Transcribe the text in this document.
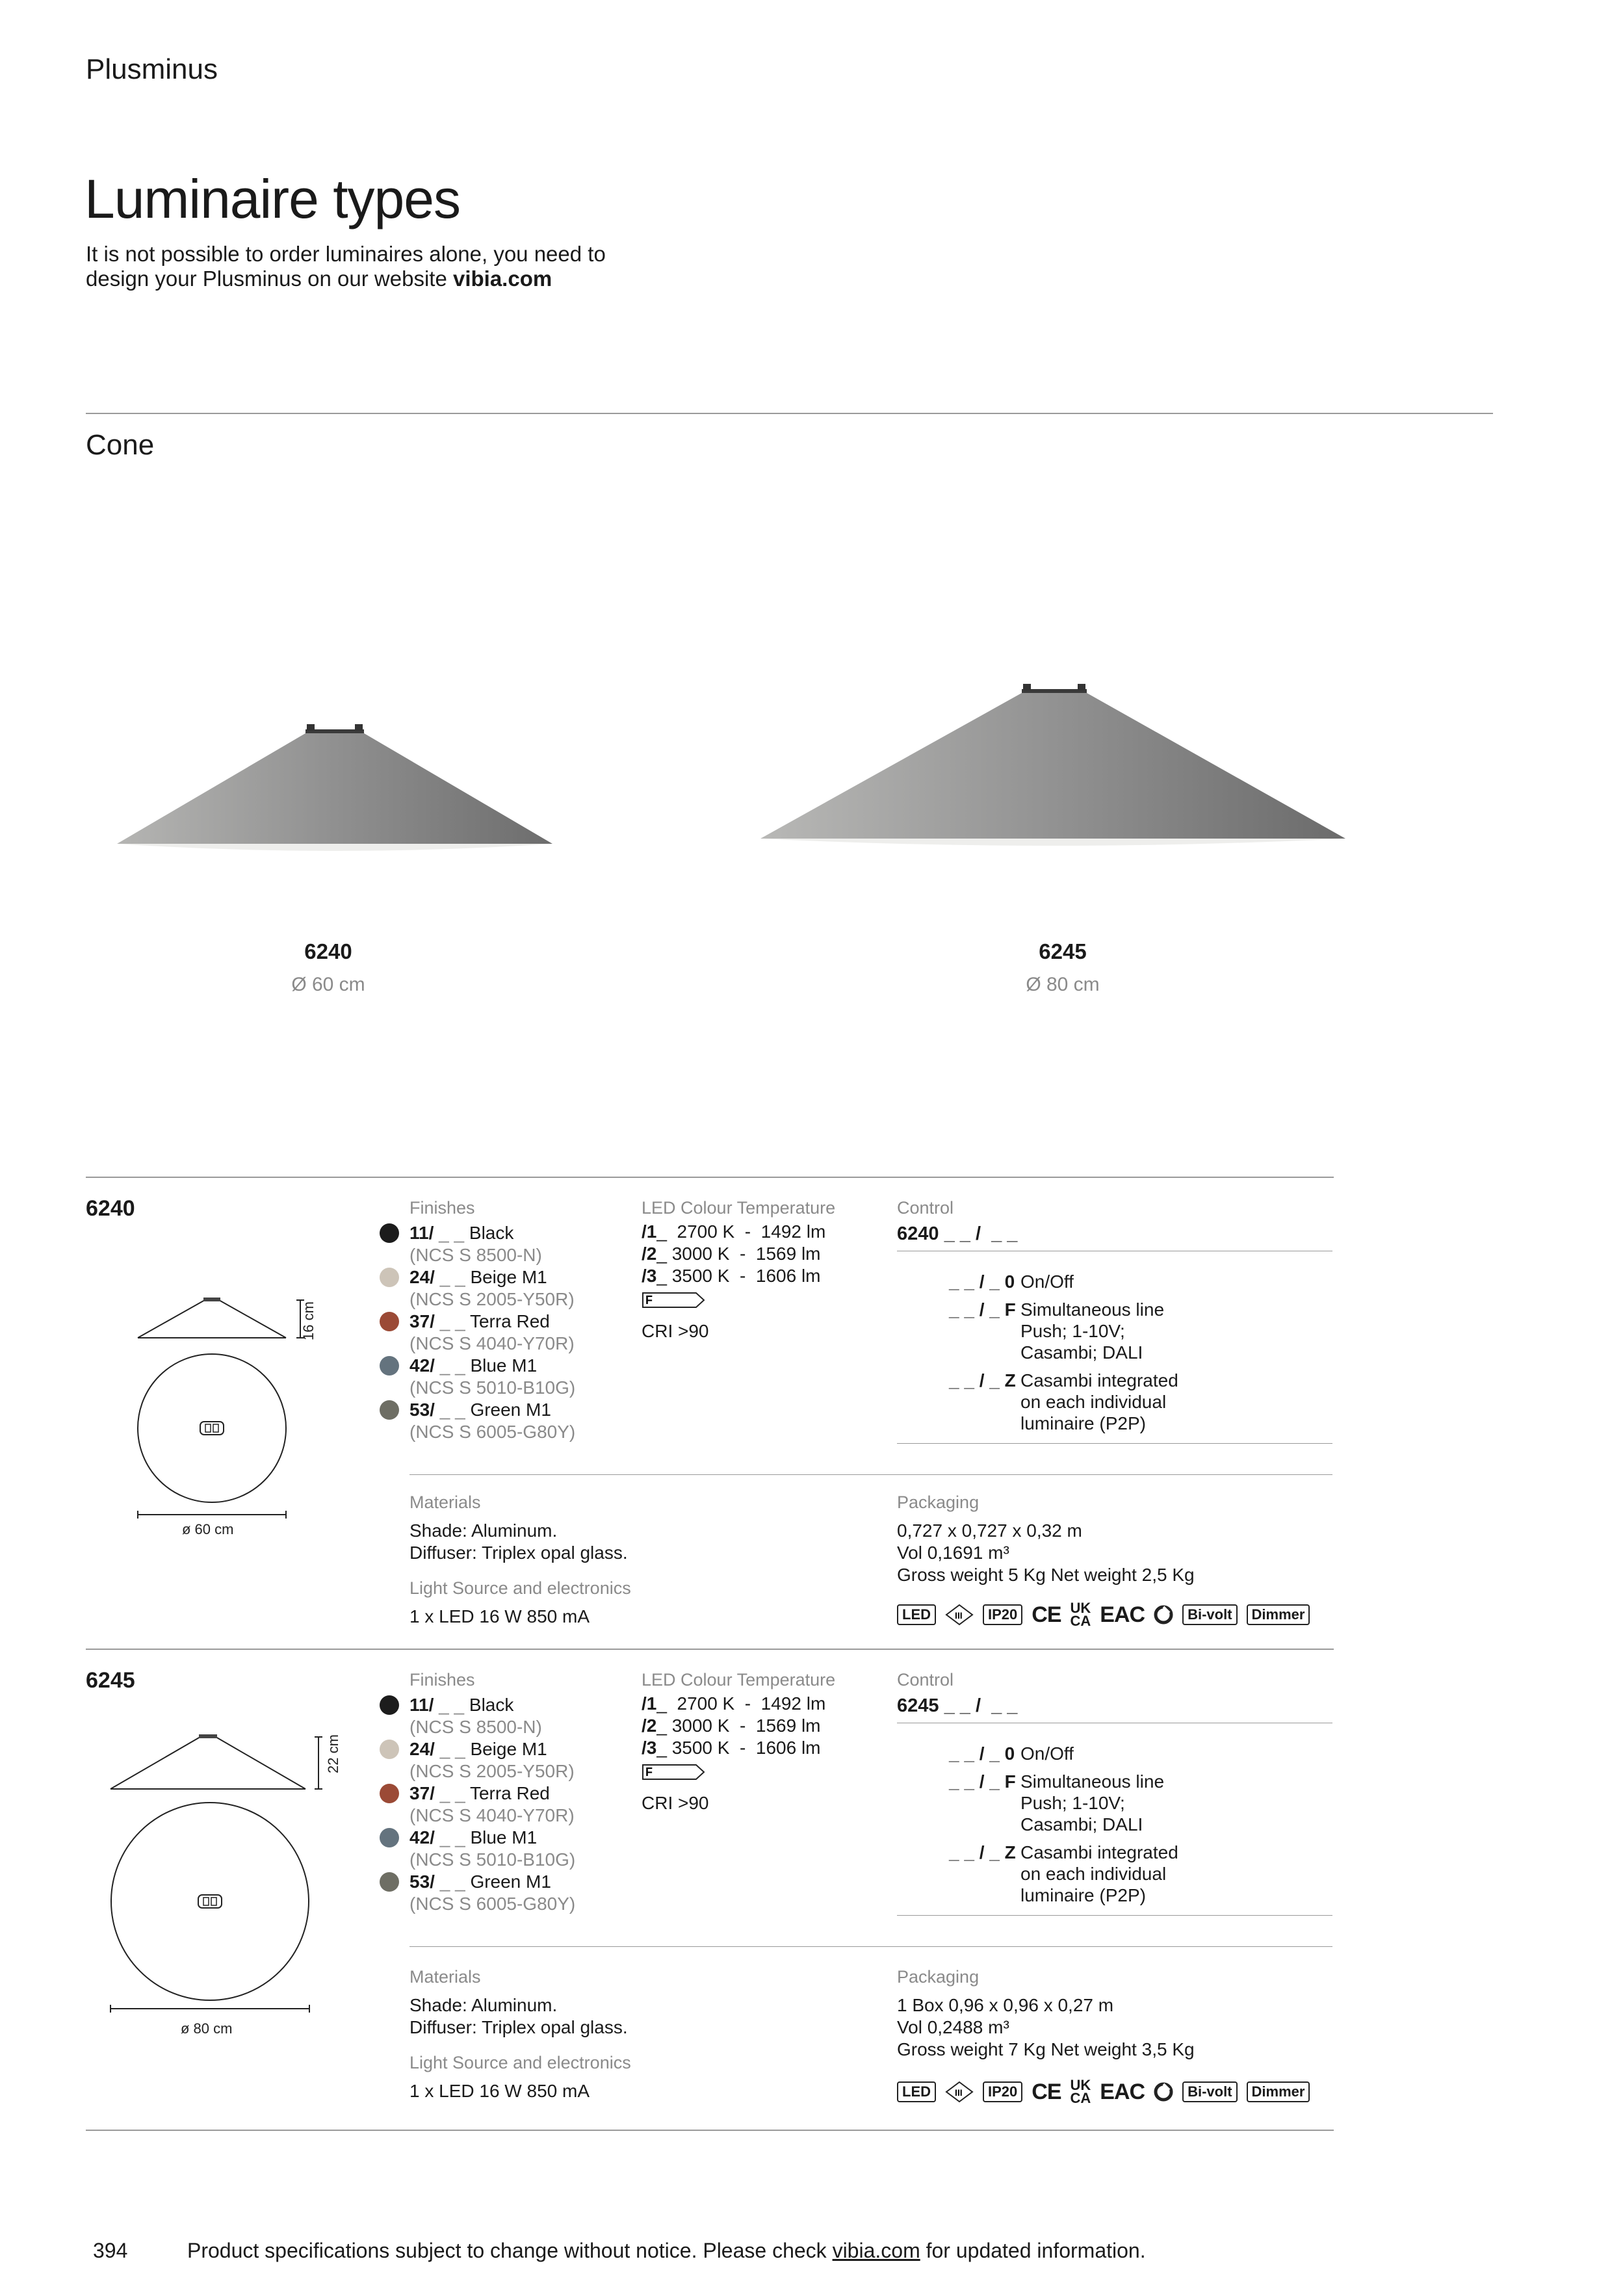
Plusminus
Luminaire types
It is not possible to order luminaires alone, you need to design your Plusminus on our website vibia.com
Cone
6240
Ø 60 cm
6245
Ø 80 cm
6240
16 cm
ø 60 cm
Finishes
11/ _ _ Black
(NCS S 8500-N)
24/ _ _ Beige M1
(NCS S 2005-Y50R)
37/ _ _ Terra Red
(NCS S 4040-Y70R)
42/ _ _ Blue M1
(NCS S 5010-B10G)
53/ _ _ Green M1
(NCS S 6005-G80Y)
LED Colour Temperature
/1_  2700 K  -  1492 lm
/2_ 3000 K  -  1569 lm
/3_ 3500 K  -  1606 lm
F
CRI >90
Control
6240 _ _ /  _ _
_ _ / _ 0 On/Off
_ _ / _ F Simultaneous line
Push; 1-10V;
Casambi; DALI
_ _ / _ Z Casambi integrated
on each individual
luminaire (P2P)
Materials
Shade: Aluminum.
Diffuser: Triplex opal glass.
Light Source and electronics
1 x LED 16 W 850 mA
Packaging
0,727 x 0,727 x 0,32 m
Vol 0,1691 m³
Gross weight 5 Kg Net weight 2,5 Kg
LED	III	IP20 CE UK
CA EAC	Bi-volt	Dimmer
6245
22 cm
ø 80 cm
Finishes
11/ _ _ Black
(NCS S 8500-N)
24/ _ _ Beige M1
(NCS S 2005-Y50R)
37/ _ _ Terra Red
(NCS S 4040-Y70R)
42/ _ _ Blue M1
(NCS S 5010-B10G)
53/ _ _ Green M1
(NCS S 6005-G80Y)
LED Colour Temperature
/1_  2700 K  -  1492 lm
/2_ 3000 K  -  1569 lm
/3_ 3500 K  -  1606 lm
F
CRI >90
Control
6245 _ _ /  _ _
_ _ / _ 0 On/Off
_ _ / _ F Simultaneous line
Push; 1-10V;
Casambi; DALI
_ _ / _ Z Casambi integrated
on each individual
luminaire (P2P)
Materials
Shade: Aluminum.
Diffuser: Triplex opal glass.
Light Source and electronics
1 x LED 16 W 850 mA
Packaging
1 Box 0,96 x 0,96 x 0,27 m
Vol 0,2488 m³
Gross weight 7 Kg Net weight 3,5 Kg
LED	III	IP20 CE UK
CA EAC	Bi-volt	Dimmer
394	Product specifications subject to change without notice. Please check vibia.com for updated information.
